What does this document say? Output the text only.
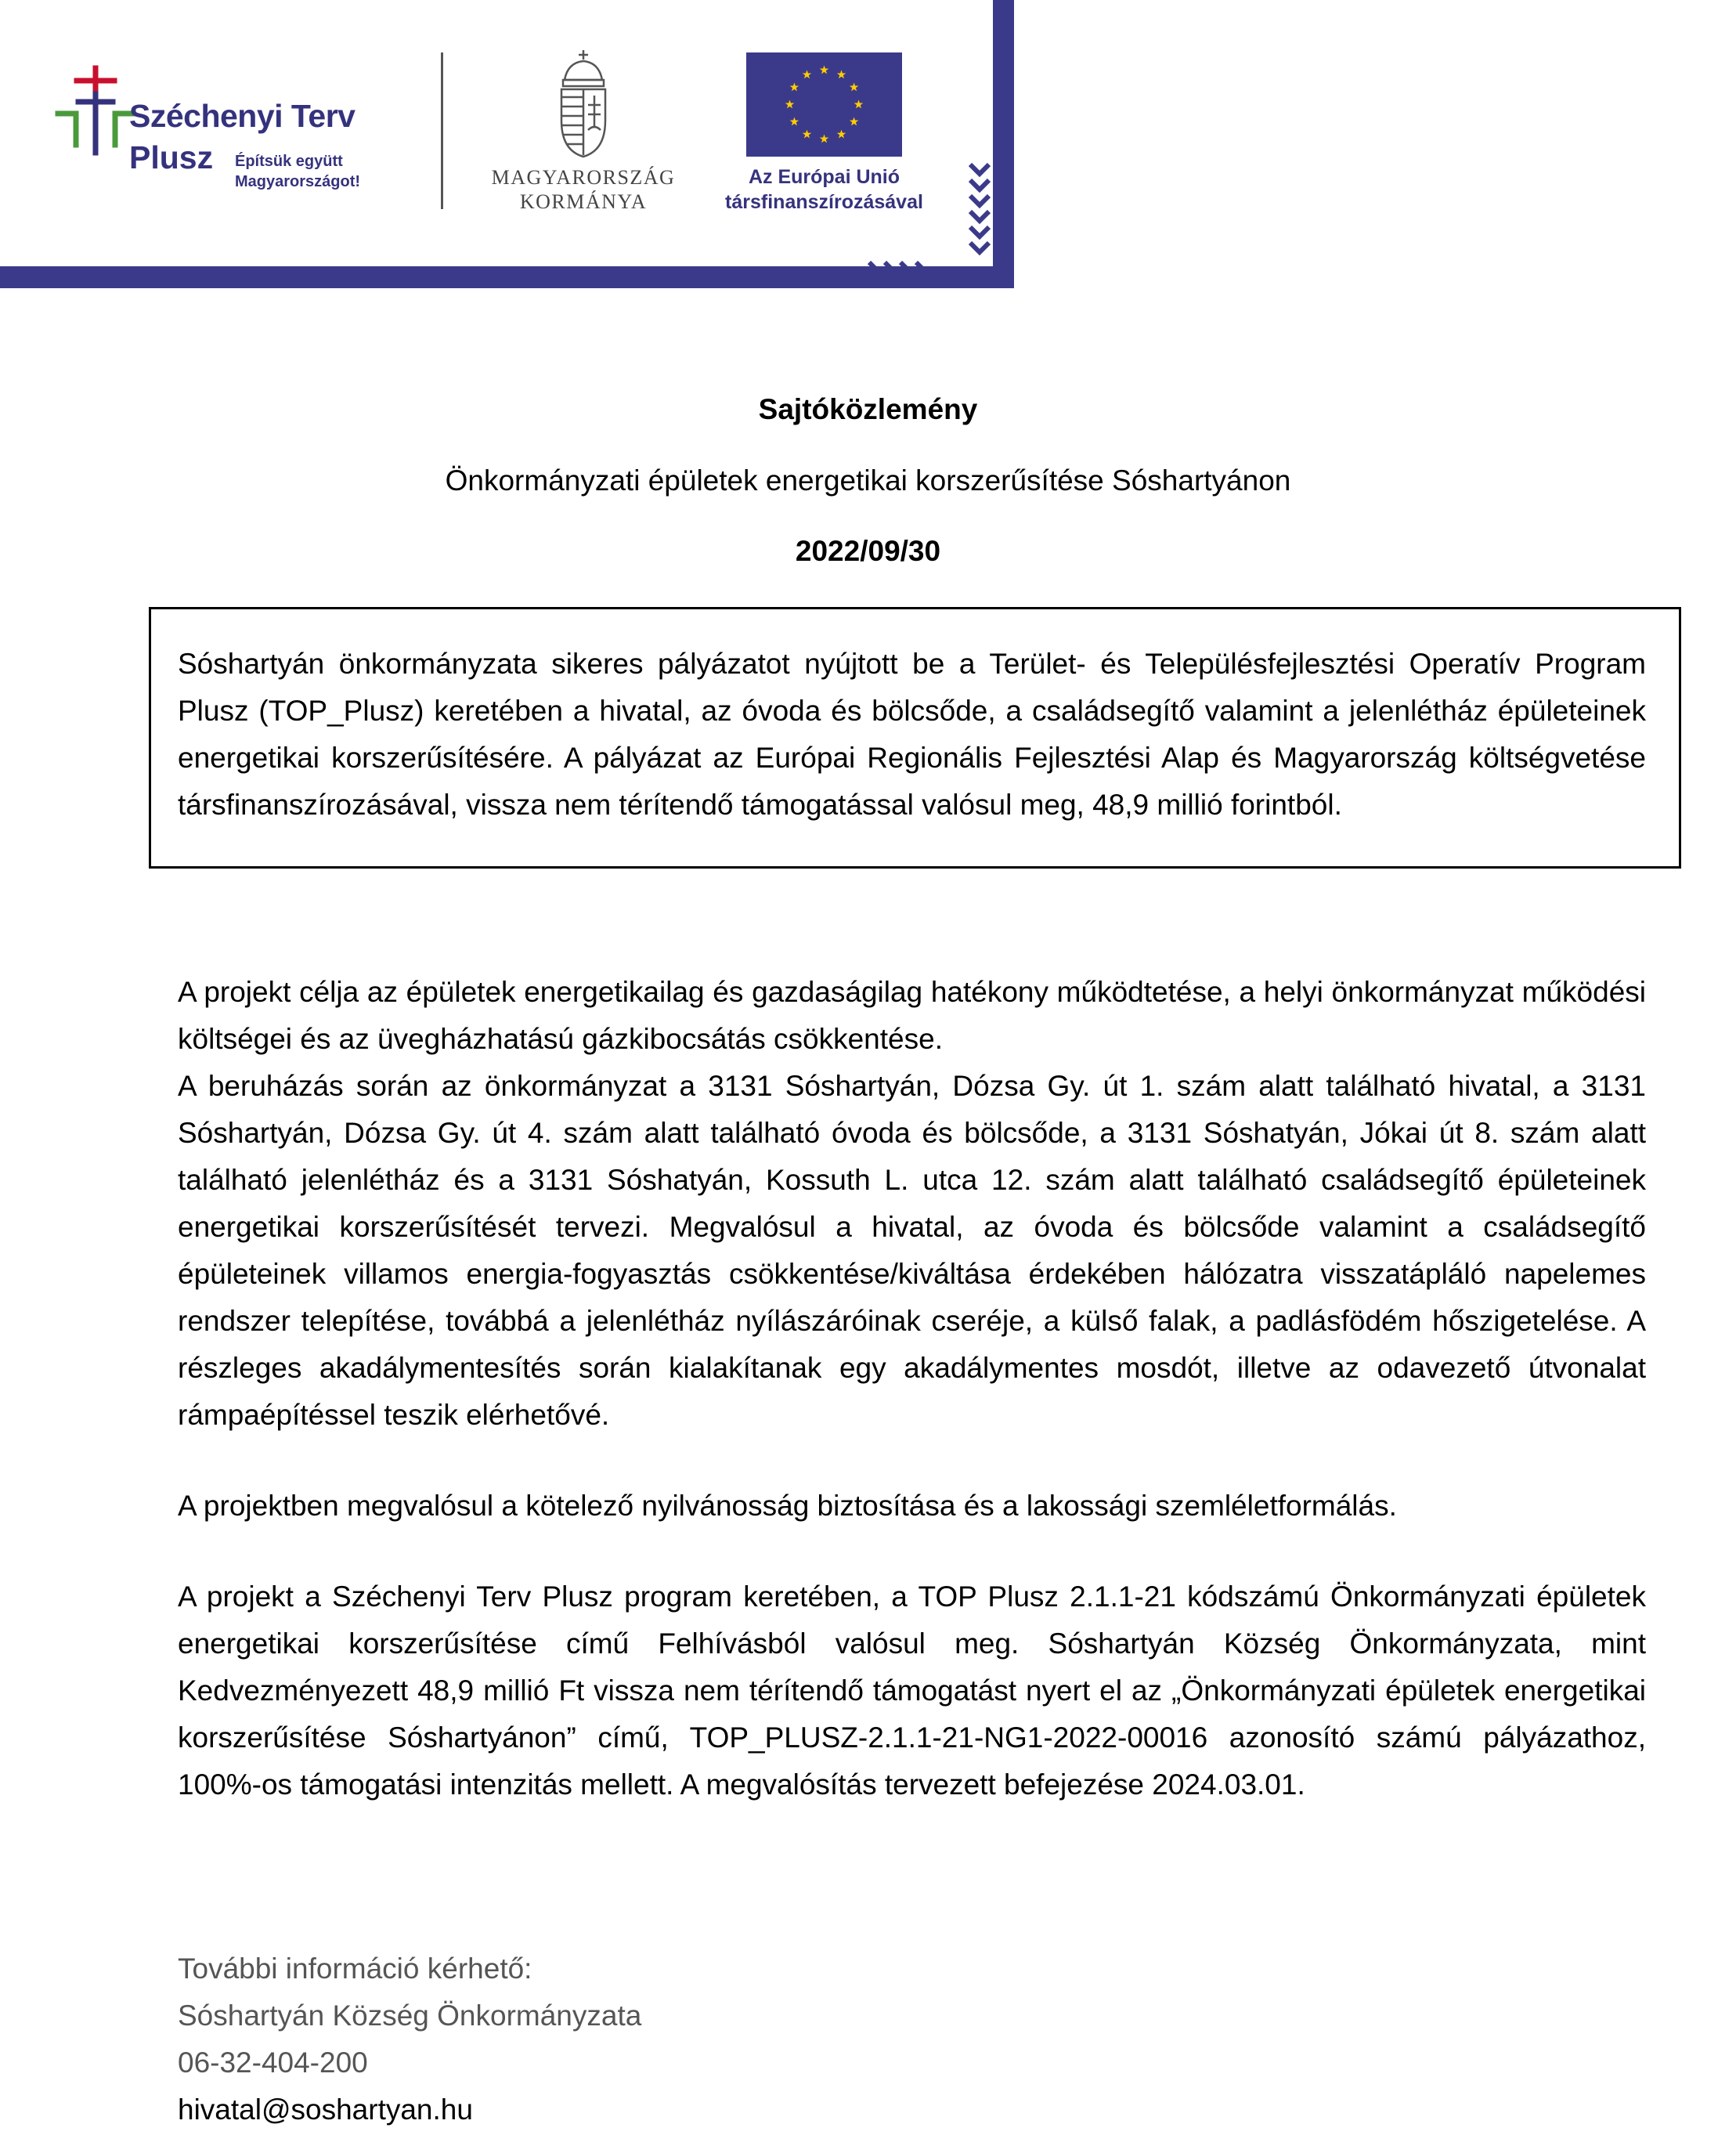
Széchenyi Terv
Plusz Építsük együtt
Magyarországot!	MAGYARORSZÁG
KORMÁNYA
Az Európai Unió
társfinanszírozásával
Sajtóközlemény
Önkormányzati épületek energetikai korszerűsítése Sóshartyánon
2022/09/30
Sóshartyán önkormányzata sikeres pályázatot nyújtott be a Terület- és Településfejlesztési Operatív Program Plusz (TOP_Plusz) keretében a hivatal, az óvoda és bölcsőde, a családsegítő valamint a jelenlétház épületeinek energetikai korszerűsítésére. A pályázat az Európai Regionális Fejlesztési Alap és Magyarország költségvetése társfinanszírozásával, vissza nem térítendő támogatással valósul meg, 48,9 millió forintból.
A projekt célja az épületek energetikailag és gazdaságilag hatékony működtetése, a helyi önkormányzat működési költségei és az üvegházhatású gázkibocsátás csökkentése.
A beruházás során az önkormányzat a 3131 Sóshartyán, Dózsa Gy. út 1. szám alatt található hivatal, a 3131 Sóshartyán, Dózsa Gy. út 4. szám alatt található óvoda és bölcsőde, a 3131 Sóshatyán, Jókai út 8. szám alatt található jelenlétház és a 3131 Sóshatyán, Kossuth L. utca 12. szám alatt található családsegítő épületeinek energetikai korszerűsítését tervezi. Megvalósul a hivatal, az óvoda és bölcsőde valamint a családsegítő épületeinek villamos energia-fogyasztás csökkentése/kiváltása érdekében hálózatra visszatápláló napelemes rendszer telepítése, továbbá a jelenlétház nyílászáróinak cseréje, a külső falak, a padlásfödém hőszigetelése. A részleges akadálymentesítés során kialakítanak egy akadálymentes mosdót, illetve az odavezető útvonalat rámpaépítéssel teszik elérhetővé.
A projektben megvalósul a kötelező nyilvánosság biztosítása és a lakossági szemléletformálás.
A projekt a Széchenyi Terv Plusz program keretében, a TOP Plusz 2.1.1-21 kódszámú Önkormányzati épületek energetikai korszerűsítése című Felhívásból valósul meg. Sóshartyán Község Önkormányzata, mint Kedvezményezett 48,9 millió Ft vissza nem térítendő támogatást nyert el az „Önkormányzati épületek energetikai korszerűsítése Sóshartyánon” című, TOP_PLUSZ-2.1.1-21-NG1-2022-00016 azonosító számú pályázathoz, 100%-os támogatási intenzitás mellett. A megvalósítás tervezett befejezése 2024.03.01.
További információ kérhető:
Sóshartyán Község Önkormányzata
06-32-404-200
hivatal@soshartyan.hu
